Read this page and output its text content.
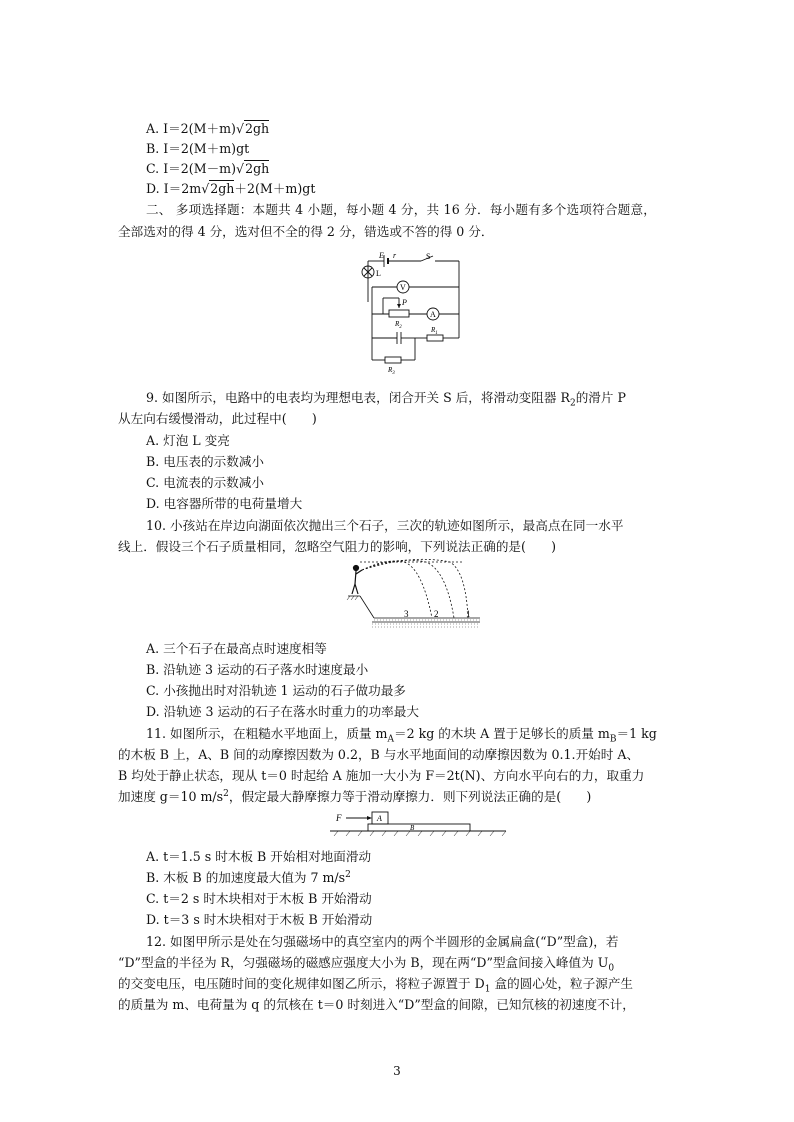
A. I＝2(M＋m)√2gh
B. I＝2(M＋m)gt
C. I＝2(M－m)√2gh
D. I＝2m√2gh＋2(M＋m)gt
二、 多项选择题：本题共 4 小题，每小题 4 分，共 16 分．每小题有多个选项符合题意，
全部选对的得 4 分，选对但不全的得 2 分，错选或不答的得 0 分．
E r	S
L
V
A
P
$R_2$	$R_1$
$R_3$
9. 如图所示，电路中的电表均为理想电表，闭合开关 S 后，将滑动变阻器 $R_2$的滑片 P
从左向右缓慢滑动，此过程中(　　)
A. 灯泡 L 变亮
B. 电压表的示数减小
C. 电流表的示数减小
D. 电容器所带的电荷量增大
10. 小孩站在岸边向湖面依次抛出三个石子，三次的轨迹如图所示，最高点在同一水平
线上．假设三个石子质量相同，忽略空气阻力的影响，下列说法正确的是(　　)
3	2	1
A. 三个石子在最高点时速度相等
B. 沿轨迹 3 运动的石子落水时速度最小
C. 小孩抛出时对沿轨迹 1 运动的石子做功最多
D. 沿轨迹 3 运动的石子在落水时重力的功率最大
11. 如图所示，在粗糙水平地面上，质量 $m_A=2$ kg 的木块 A 置于足够长的质量 $m_B=1$ kg
的木板 B 上，A、B 间的动摩擦因数为 0.2，B 与水平地面间的动摩擦因数为 0.1.开始时 A、
B 均处于静止状态，现从 t＝0 时起给 A 施加一大小为 F＝2t(N)、方向水平向右的力，取重力
加速度 g＝10 $m/s^2$，假定最大静摩擦力等于滑动摩擦力．则下列说法正确的是(　　)
F	A
B
A. t＝1.5 s 时木板 B 开始相对地面滑动
B. 木板 B 的加速度最大值为 7 $m/s^2$
C. t＝2 s 时木块相对于木板 B 开始滑动
D. t＝3 s 时木块相对于木板 B 开始滑动
12. 如图甲所示是处在匀强磁场中的真空室内的两个半圆形的金属扁盒(“D”型盒)，若
“D”型盒的半径为 R，匀强磁场的磁感应强度大小为 B，现在两“D”型盒间接入峰值为 $U_0$
的交变电压，电压随时间的变化规律如图乙所示，将粒子源置于 $D_1$ 盒的圆心处，粒子源产生
的质量为 m、电荷量为 q 的氘核在 t＝0 时刻进入“D”型盒的间隙，已知氘核的初速度不计，
3
